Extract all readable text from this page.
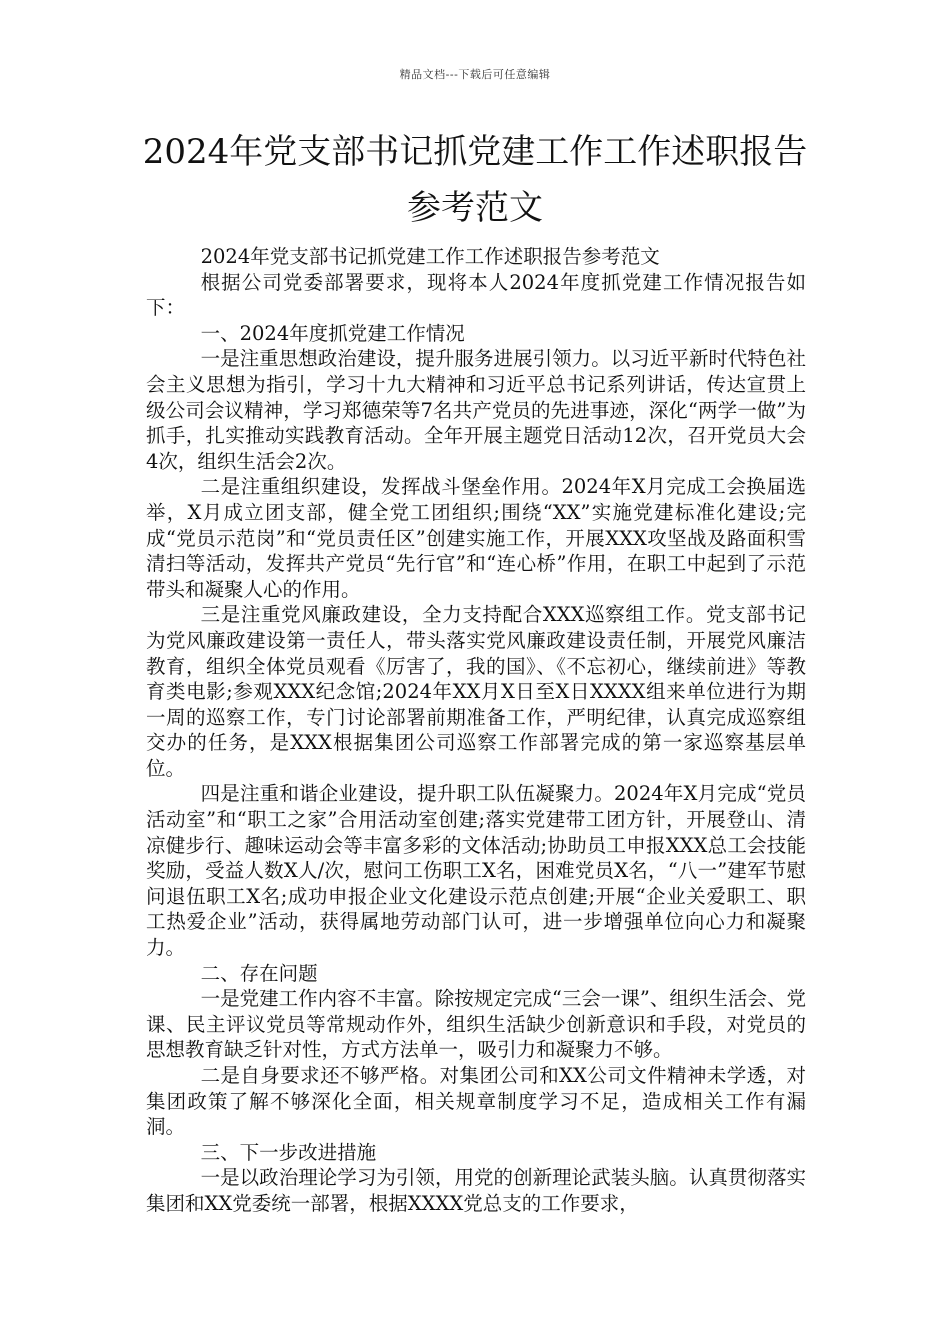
精品文档---下载后可任意编辑
2024年党支部书记抓党建工作工作述职报告参考范文

2024年党支部书记抓党建工作工作述职报告参考范文

根据公司党委部署要求，现将本人2024年度抓党建工作情况报告如下：

一、2024年度抓党建工作情况

一是注重思想政治建设，提升服务进展引领力。以习近平新时代特色社会主义思想为指引，学习十九大精神和习近平总书记系列讲话，传达宣贯上级公司会议精神，学习郑德荣等7名共产党员的先进事迹，深化“两学一做”为抓手，扎实推动实践教育活动。全年开展主题党日活动12次，召开党员大会4次，组织生活会2次。

二是注重组织建设，发挥战斗堡垒作用。2024年X月完成工会换届选举，X月成立团支部，健全党工团组织;围绕“XX”实施党建标准化建设;完成“党员示范岗”和“党员责任区”创建实施工作，开展XXX攻坚战及路面积雪清扫等活动，发挥共产党员“先行官”和“连心桥”作用，在职工中起到了示范带头和凝聚人心的作用。

三是注重党风廉政建设，全力支持配合XXX巡察组工作。党支部书记为党风廉政建设第一责任人，带头落实党风廉政建设责任制，开展党风廉洁教育，组织全体党员观看《厉害了，我的国》、《不忘初心，继续前进》等教育类电影;参观XXX纪念馆;2024年XX月X日至X日XXXX组来单位进行为期一周的巡察工作，专门讨论部署前期准备工作，严明纪律，认真完成巡察组交办的任务，是XXX根据集团公司巡察工作部署完成的第一家巡察基层单位。

四是注重和谐企业建设，提升职工队伍凝聚力。2024年X月完成“党员活动室”和“职工之家”合用活动室创建;落实党建带工团方针，开展登山、清凉健步行、趣味运动会等丰富多彩的文体活动;协助员工申报XXX总工会技能奖励，受益人数X人/次，慰问工伤职工X名，困难党员X名，“八一”建军节慰问退伍职工X名;成功申报企业文化建设示范点创建;开展“企业关爱职工、职工热爱企业”活动，获得属地劳动部门认可，进一步增强单位向心力和凝聚力。

二、存在问题

一是党建工作内容不丰富。除按规定完成“三会一课”、组织生活会、党课、民主评议党员等常规动作外，组织生活缺少创新意识和手段，对党员的思想教育缺乏针对性，方式方法单一，吸引力和凝聚力不够。

二是自身要求还不够严格。对集团公司和XX公司文件精神未学透，对集团政策了解不够深化全面，相关规章制度学习不足，造成相关工作有漏洞。

三、下一步改进措施

一是以政治理论学习为引领，用党的创新理论武装头脑。认真贯彻落实集团和XX党委统一部署，根据XXXX党总支的工作要求，
